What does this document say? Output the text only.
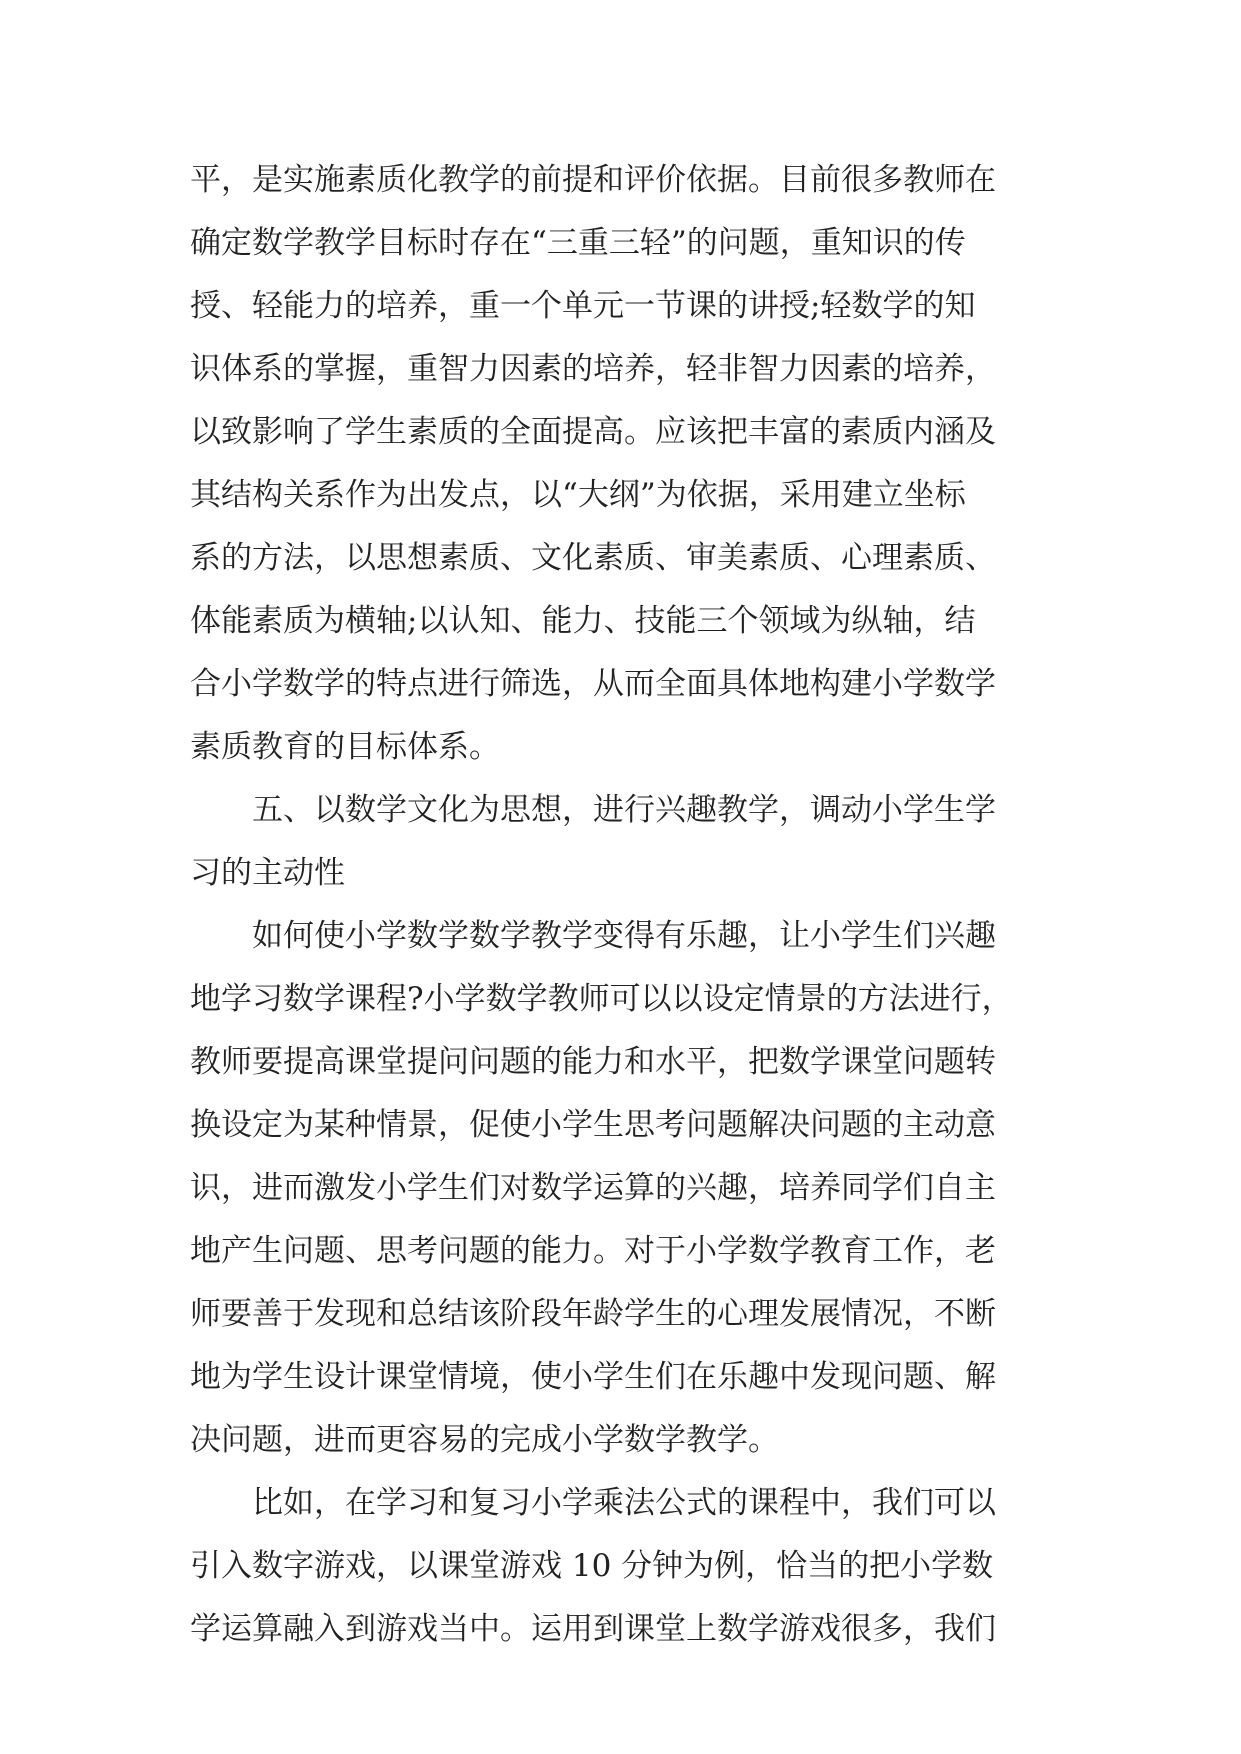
平，是实施素质化教学的前提和评价依据。目前很多教师在
确定数学教学目标时存在“三重三轻”的问题，重知识的传
授、轻能力的培养，重一个单元一节课的讲授;轻数学的知
识体系的掌握，重智力因素的培养，轻非智力因素的培养，
以致影响了学生素质的全面提高。应该把丰富的素质内涵及
其结构关系作为出发点，以“大纲”为依据，采用建立坐标
系的方法，以思想素质、文化素质、审美素质、心理素质、
体能素质为横轴;以认知、能力、技能三个领域为纵轴，结
合小学数学的特点进行筛选，从而全面具体地构建小学数学
素质教育的目标体系。
五、以数学文化为思想，进行兴趣教学，调动小学生学
习的主动性
如何使小学数学数学教学变得有乐趣，让小学生们兴趣
地学习数学课程?小学数学教师可以以设定情景的方法进行，
教师要提高课堂提问问题的能力和水平，把数学课堂问题转
换设定为某种情景，促使小学生思考问题解决问题的主动意
识，进而激发小学生们对数学运算的兴趣，培养同学们自主
地产生问题、思考问题的能力。对于小学数学教育工作，老
师要善于发现和总结该阶段年龄学生的心理发展情况，不断
地为学生设计课堂情境，使小学生们在乐趣中发现问题、解
决问题，进而更容易的完成小学数学教学。
比如，在学习和复习小学乘法公式的课程中，我们可以
引入数字游戏，以课堂游戏 10 分钟为例，恰当的把小学数
学运算融入到游戏当中。运用到课堂上数学游戏很多，我们
